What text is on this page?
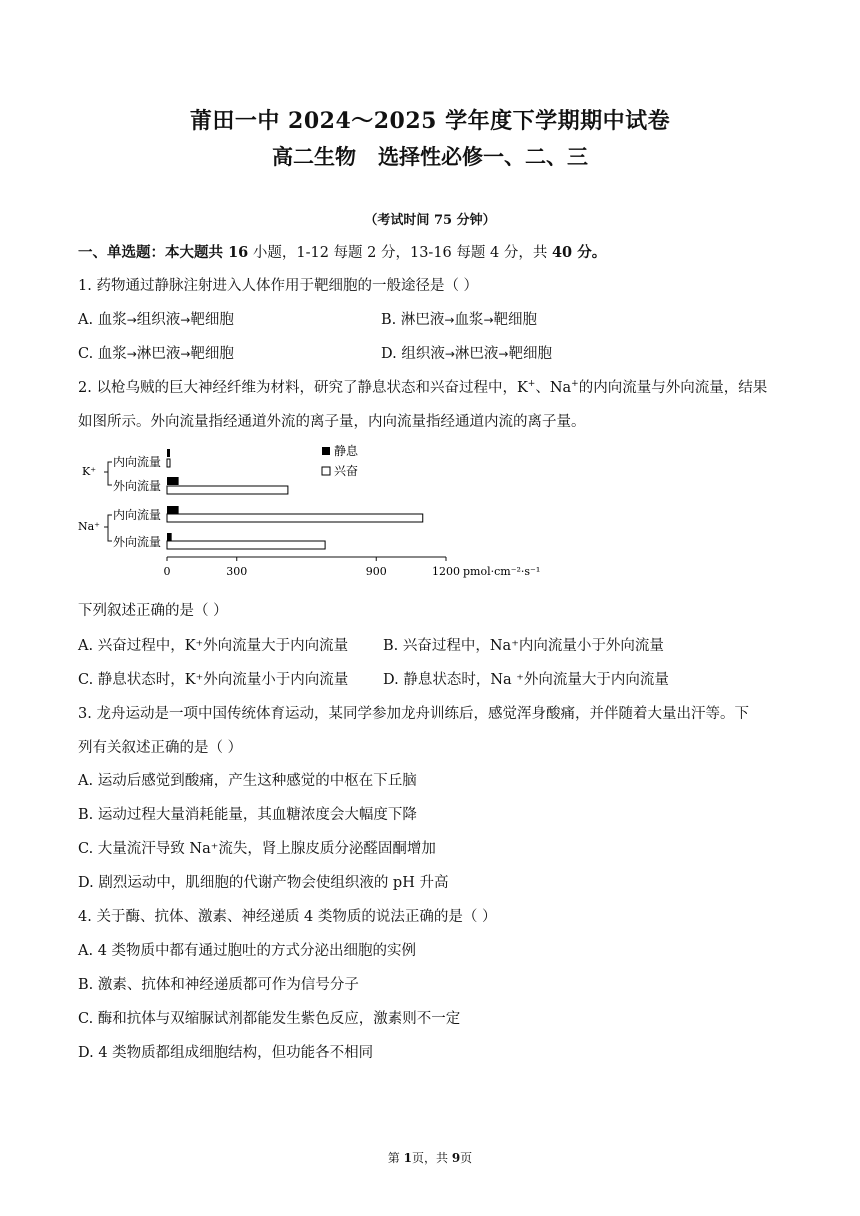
莆田一中 2024～2025 学年度下学期期中试卷
高二生物 选择性必修一、二、三
（考试时间 75 分钟）
一、单选题：本大题共 16 小题，1-12 每题 2 分，13-16 每题 4 分，共 40 分。
1. 药物通过静脉注射进入人体作用于靶细胞的一般途径是（ ）
A. 血浆→组织液→靶细胞	B. 淋巴液→血浆→靶细胞
C. 血浆→淋巴液→靶细胞	D. 组织液→淋巴液→靶细胞
2. 以枪乌贼的巨大神经纤维为材料，研究了静息状态和兴奋过程中，K+、Na+的内向流量与外向流量，结果
如图所示。外向流量指经通道外流的离子量，内向流量指经通道内流的离子量。
0	300	900	1200
K⁺
Na⁺
内向流量
外向流量
内向流量
外向流量
静息
兴奋
pmol·cm⁻²·s⁻¹
下列叙述正确的是（ ）
A. 兴奋过程中，K⁺外向流量大于内向流量 B. 兴奋过程中，Na⁺内向流量小于外向流量
C. 静息状态时，K⁺外向流量小于内向流量 D. 静息状态时，Na ⁺外向流量大于内向流量
3. 龙舟运动是一项中国传统体育运动，某同学参加龙舟训练后，感觉浑身酸痛，并伴随着大量出汗等。下
列有关叙述正确的是（ ）
A. 运动后感觉到酸痛，产生这种感觉的中枢在下丘脑
B. 运动过程大量消耗能量，其血糖浓度会大幅度下降
C. 大量流汗导致 Na⁺流失，肾上腺皮质分泌醛固酮增加
D. 剧烈运动中，肌细胞的代谢产物会使组织液的 pH 升高
4. 关于酶、抗体、激素、神经递质 4 类物质的说法正确的是（ ）
A. 4 类物质中都有通过胞吐的方式分泌出细胞的实例
B. 激素、抗体和神经递质都可作为信号分子
C. 酶和抗体与双缩脲试剂都能发生紫色反应，激素则不一定
D. 4 类物质都组成细胞结构，但功能各不相同
第 1页，共 9页
